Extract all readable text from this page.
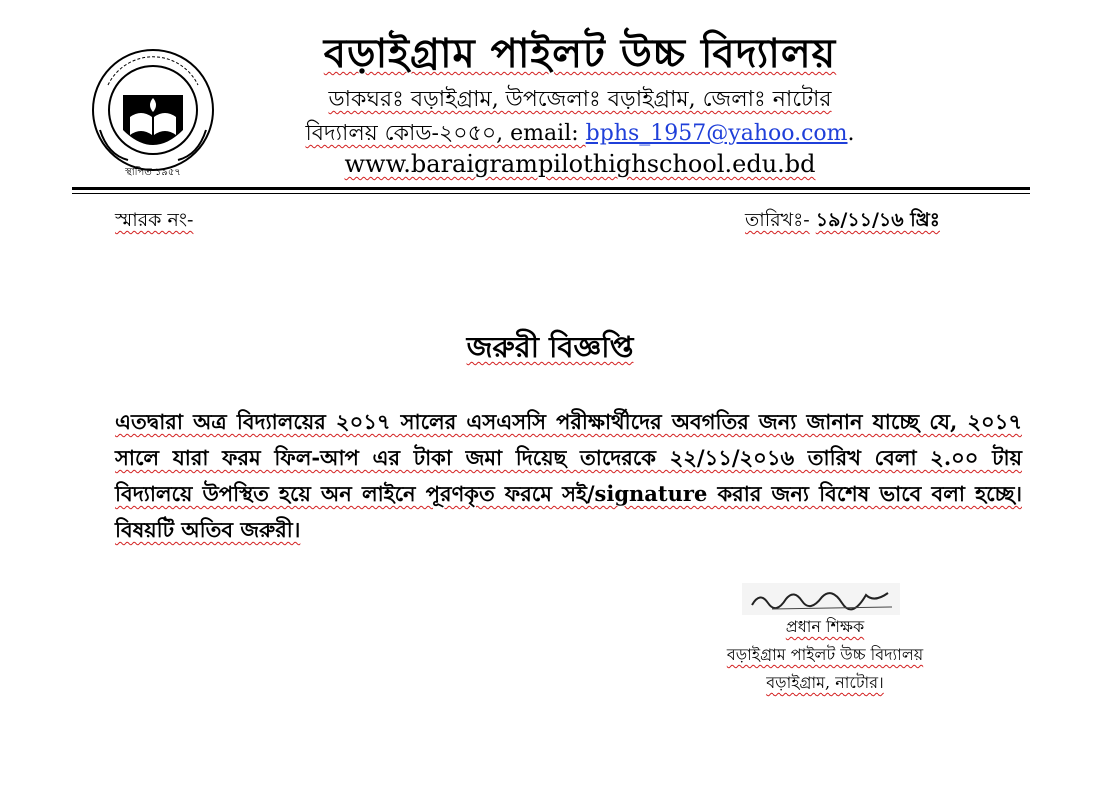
স্থাপিত ১৯৫৭
বড়াইগ্রাম পাইলট উচ্চ বিদ্যালয়
ডাকঘরঃ বড়াইগ্রাম, উপজেলাঃ বড়াইগ্রাম, জেলাঃ নাটোর
বিদ্যালয় কোড-২০৫০, email: bphs_1957@yahoo.com.
www.baraigrampilothighschool.edu.bd
স্মারক নং-	তারিখঃ- ১৯/১১/১৬ খ্রিঃ
জরুরী বিজ্ঞপ্তি
এতদ্বারা অত্র বিদ্যালয়ের ২০১৭ সালের এসএসসি পরীক্ষার্থীদের অবগতির জন্য জানান যাচ্ছে যে, ২০১৭ সালে যারা ফরম ফিল-আপ এর টাকা জমা দিয়েছ তাদেরকে ২২/১১/২০১৬ তারিখ বেলা ২.০০ টায় বিদ্যালয়ে উপস্থিত হয়ে অন লাইনে পূরণকৃত ফরমে সই/signature করার জন্য বিশেষ ভাবে বলা হচ্ছে। বিষয়টি অতিব জরুরী।
প্রধান শিক্ষক
বড়াইগ্রাম পাইলট উচ্চ বিদ্যালয়
বড়াইগ্রাম, নাটোর।
